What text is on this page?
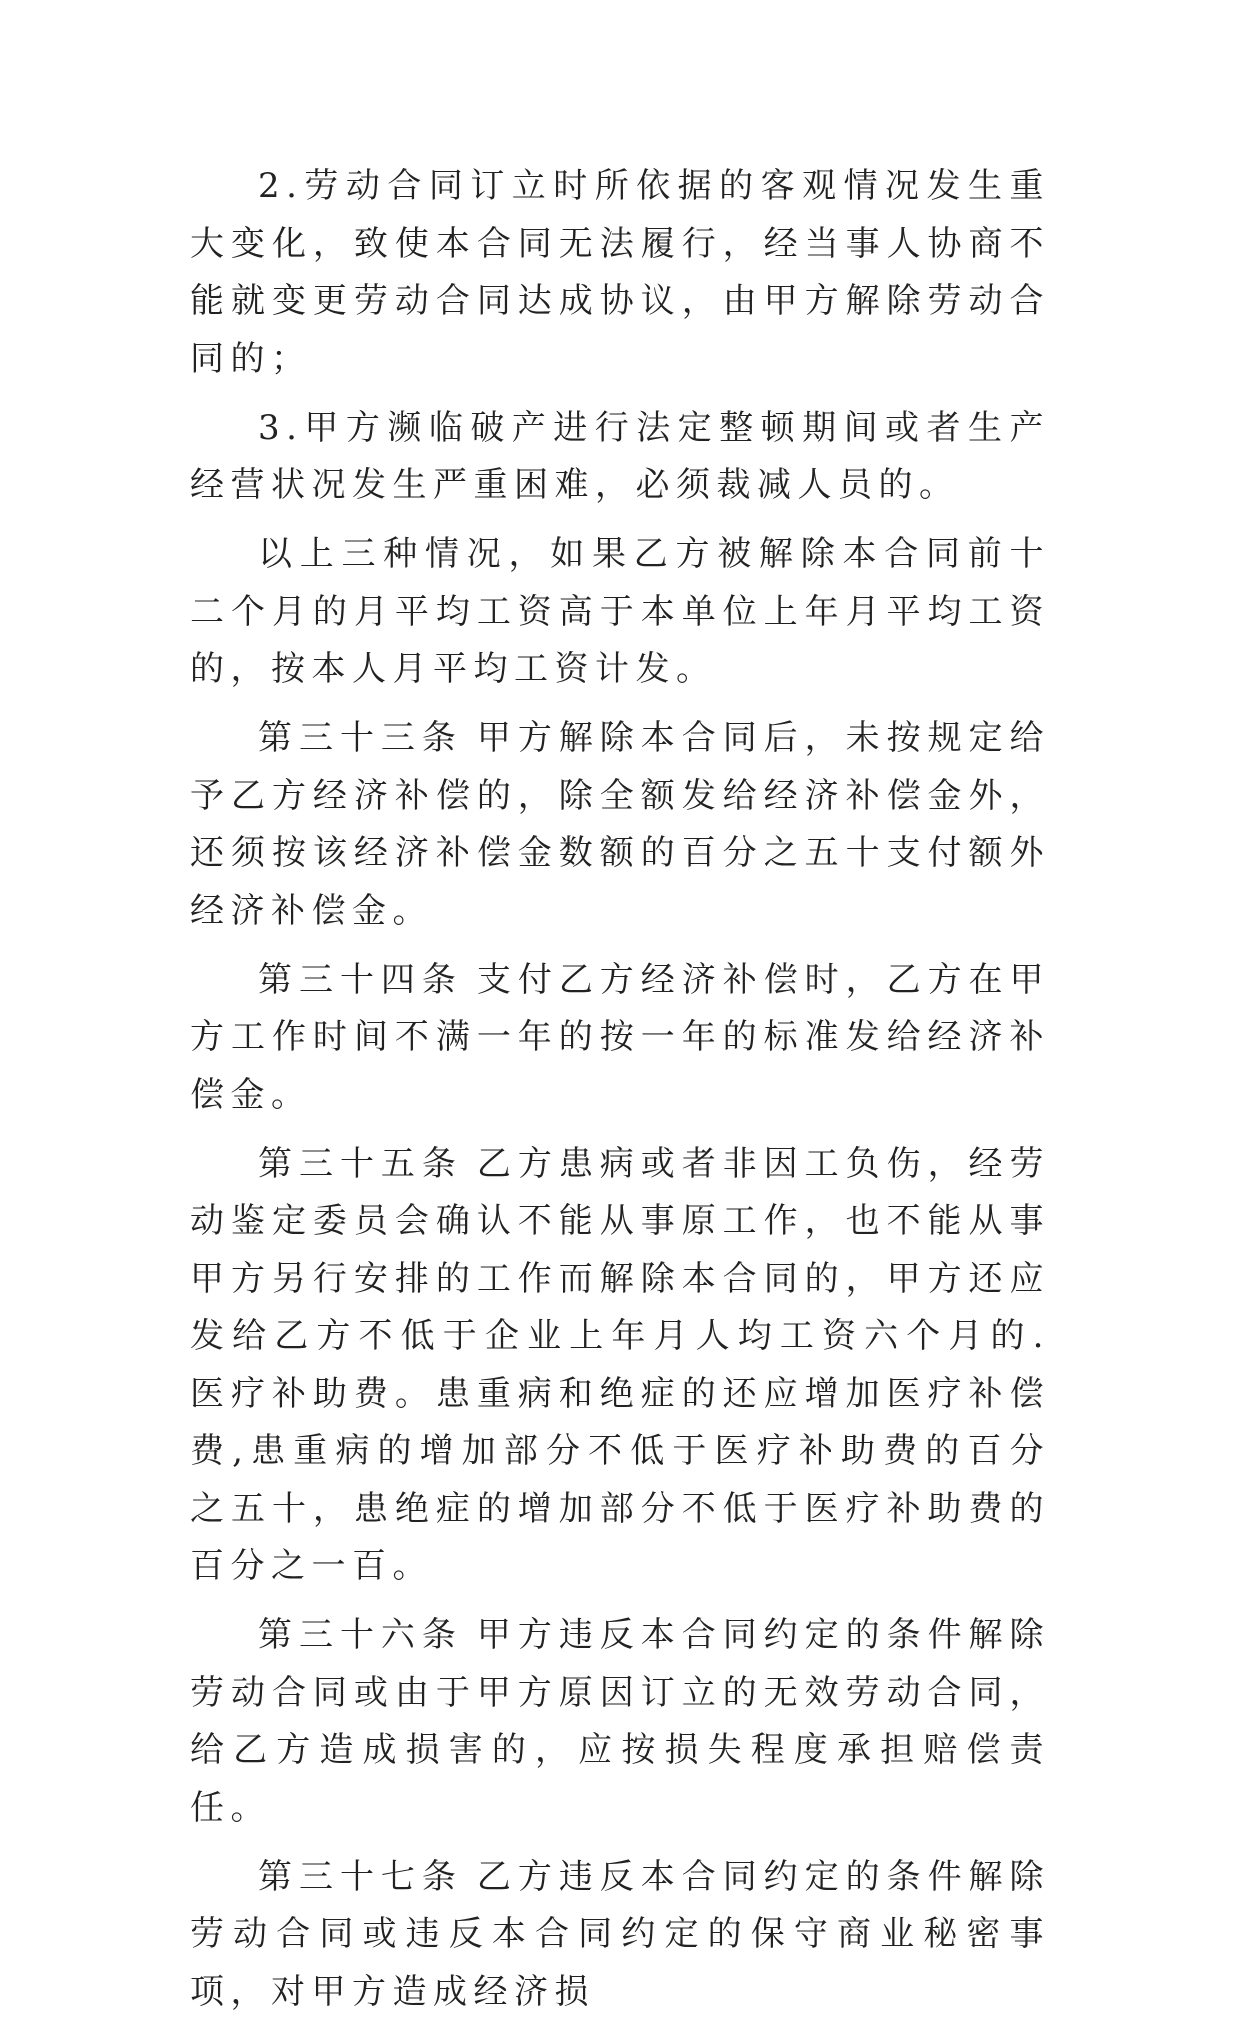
2.劳动合同订立时所依据的客观情况发生重大变化，致使本合同无法履行，经当事人协商不能就变更劳动合同达成协议，由甲方解除劳动合同的；

3.甲方濒临破产进行法定整顿期间或者生产经营状况发生严重困难，必须裁减人员的。

以上三种情况，如果乙方被解除本合同前十二个月的月平均工资高于本单位上年月平均工资的，按本人月平均工资计发。

第三十三条 甲方解除本合同后，未按规定给予乙方经济补偿的，除全额发给经济补偿金外，还须按该经济补偿金数额的百分之五十支付额外经济补偿金。

第三十四条 支付乙方经济补偿时，乙方在甲方工作时间不满一年的按一年的标准发给经济补偿金。

第三十五条 乙方患病或者非因工负伤，经劳动鉴定委员会确认不能从事原工作，也不能从事甲方另行安排的工作而解除本合同的，甲方还应发给乙方不低于企业上年月人均工资六个月的.医疗补助费。患重病和绝症的还应增加医疗补偿费,患重病的增加部分不低于医疗补助费的百分之五十，患绝症的增加部分不低于医疗补助费的百分之一百。

第三十六条 甲方违反本合同约定的条件解除劳动合同或由于甲方原因订立的无效劳动合同，给乙方造成损害的，应按损失程度承担赔偿责任。

第三十七条 乙方违反本合同约定的条件解除劳动合同或违反本合同约定的保守商业秘密事项，对甲方造成经济损
